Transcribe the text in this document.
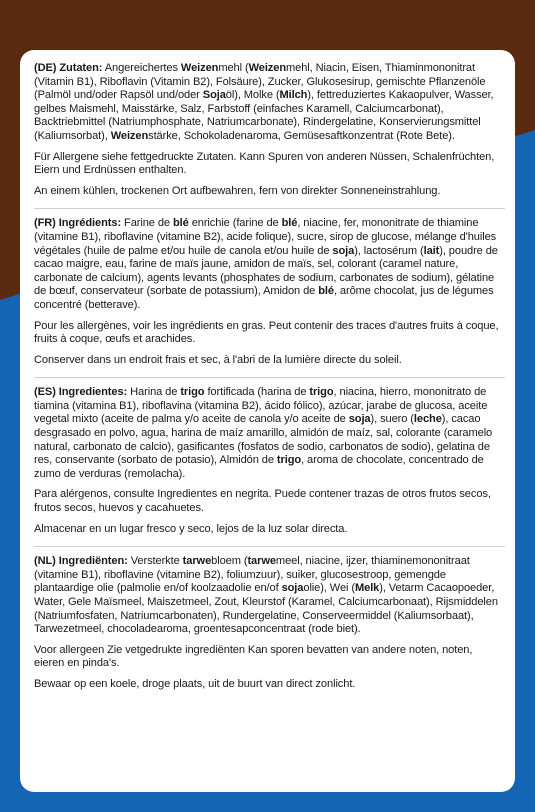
(DE) Zutaten: Angereichertes Weizenmehl (Weizenmehl, Niacin, Eisen, Thiaminmononitrat (Vitamin B1), Riboflavin (Vitamin B2), Folsäure), Zucker, Glukosesirup, gemischte Pflanzenöle (Palmöl und/oder Rapsöl und/oder Sojaöl), Molke (Milch), fettreduziertes Kakaopulver, Wasser, gelbes Maismehl, Maisstärke, Salz, Farbstoff (einfaches Karamell, Calciumcarbonat), Backtriebmittel (Natriumphosphate, Natriumcarbonate), Rindergelatine, Konservierungsmittel (Kaliumsorbat), Weizenstärke, Schokoladenaroma, Gemüsesaftkonzentrat (Rote Bete).

Für Allergene siehe fettgedruckte Zutaten. Kann Spuren von anderen Nüssen, Schalenfrüchten, Eiern und Erdnüssen enthalten.

An einem kühlen, trockenen Ort aufbewahren, fern von direkter Sonneneinstrahlung.

(FR) Ingrédients: Farine de blé enrichie (farine de blé, niacine, fer, mononitrate de thiamine (vitamine B1), riboflavine (vitamine B2), acide folique), sucre, sirop de glucose, mélange d'huiles végétales (huile de palme et/ou huile de canola et/ou huile de soja), lactosérum (lait), poudre de cacao maigre, eau, farine de maïs jaune, amidon de maïs, sel, colorant (caramel nature, carbonate de calcium), agents levants (phosphates de sodium, carbonates de sodium), gélatine de bœuf, conservateur (sorbate de potassium), Amidon de blé, arôme chocolat, jus de légumes concentré (betterave).

Pour les allergènes, voir les ingrédients en gras. Peut contenir des traces d'autres fruits à coque, fruits à coque, œufs et arachides.

Conserver dans un endroit frais et sec, à l'abri de la lumière directe du soleil.

(ES) Ingredientes: Harina de trigo fortificada (harina de trigo, niacina, hierro, mononitrato de tiamina (vitamina B1), riboflavina (vitamina B2), ácido fólico), azúcar, jarabe de glucosa, aceite vegetal mixto (aceite de palma y/o aceite de canola y/o aceite de soja), suero (leche), cacao desgrasado en polvo, agua, harina de maíz amarillo, almidón de maíz, sal, colorante (caramelo natural, carbonato de calcio), gasificantes (fosfatos de sodio, carbonatos de sodio), gelatina de res, conservante (sorbato de potasio), Almidón de trigo, aroma de chocolate, concentrado de zumo de verduras (remolacha).

Para alérgenos, consulte Ingredientes en negrita. Puede contener trazas de otros frutos secos, frutos secos, huevos y cacahuetes.

Almacenar en un lugar fresco y seco, lejos de la luz solar directa.

(NL) Ingrediënten: Versterkte tarwebloem (tarwemeel, niacine, ijzer, thiaminemononitraat (vitamine B1), riboflavine (vitamine B2), foliumzuur), suiker, glucosestroop, gemengde plantaardige olie (palmolie en/of koolzaadolie en/of sojaolie), Wei (Melk), Vetarm Cacaopoeder, Water, Gele Maïsmeel, Maiszetmeel, Zout, Kleurstof (Karamel, Calciumcarbonaat), Rijsmiddelen (Natriumfosfaten, Natriumcarbonaten), Rundergelatine, Conserveermiddel (Kaliumsorbaat), Tarwezetmeel, chocoladearoma, groentesapconcentraat (rode biet).

Voor allergeen Zie vetgedrukte ingrediënten Kan sporen bevatten van andere noten, noten, eieren en pinda's.

Bewaar op een koele, droge plaats, uit de buurt van direct zonlicht.
